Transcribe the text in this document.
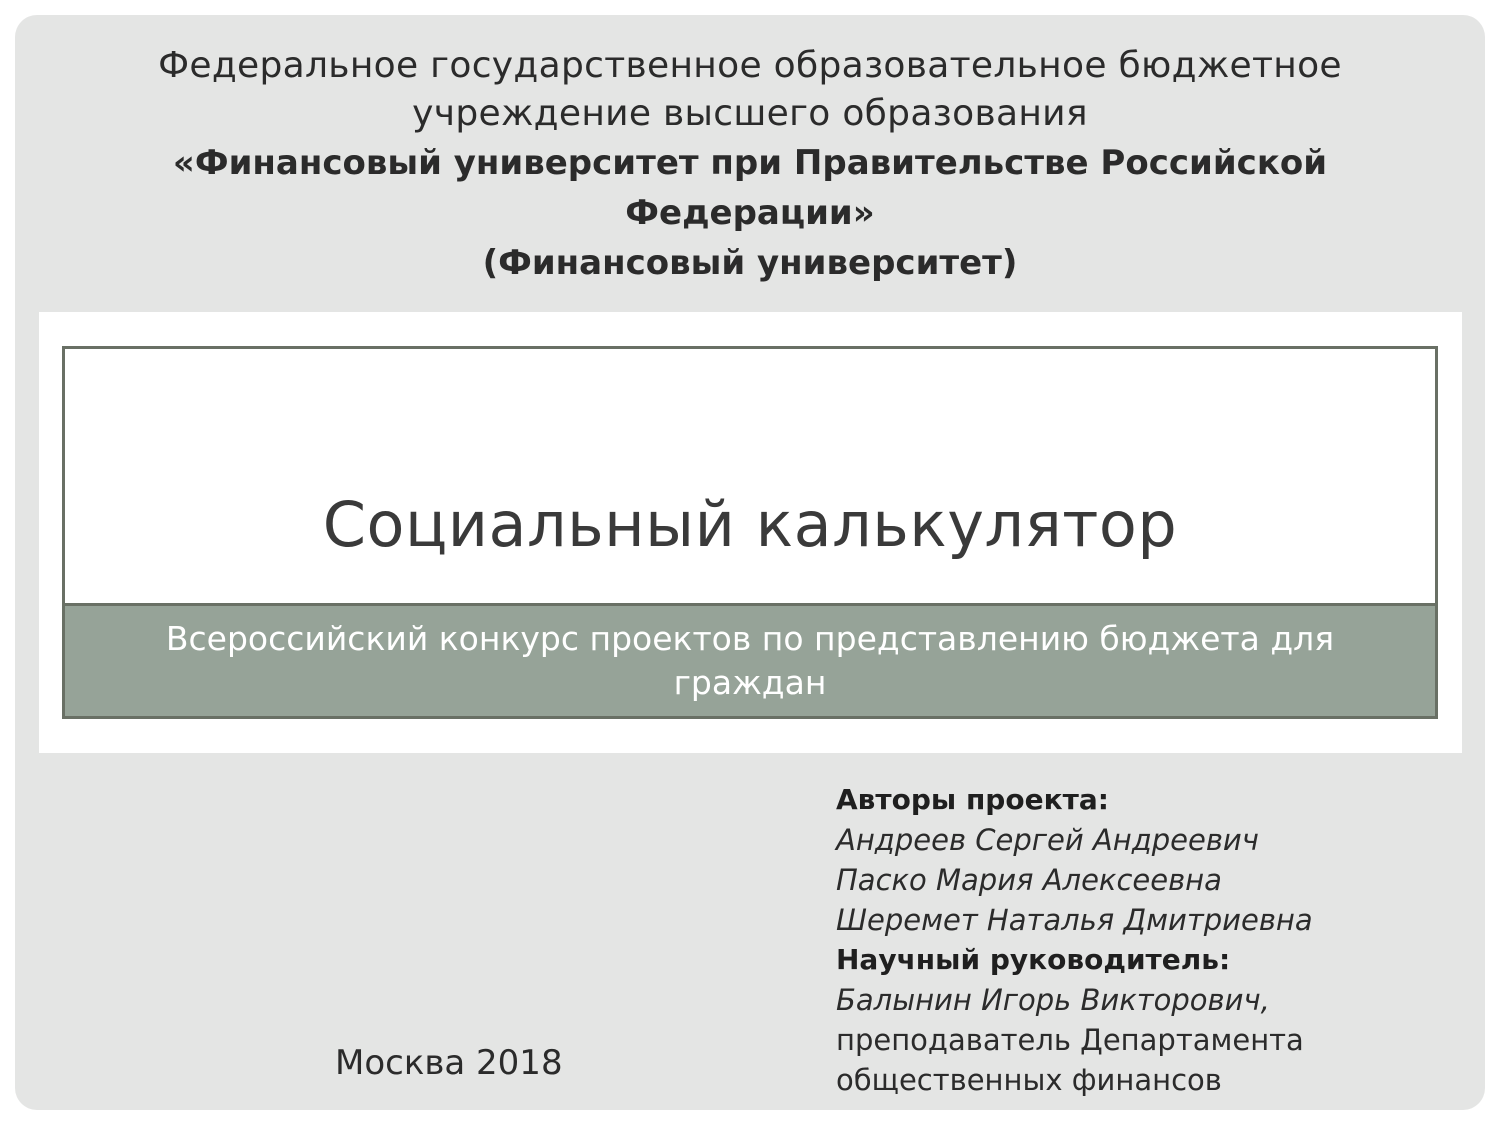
Федеральное государственное образовательное бюджетное
учреждение высшего образования
«Финансовый университет при Правительстве Российской
Федерации»
(Финансовый университет)
Социальный калькулятор
Всероссийский конкурс проектов по представлению бюджета для граждан
Авторы проекта:
Андреев Сергей Андреевич
Паско Мария Алексеевна
Шеремет Наталья Дмитриевна
Научный руководитель:
Балынин Игорь Викторович,
преподаватель Департамента
общественных финансов
Москва 2018
